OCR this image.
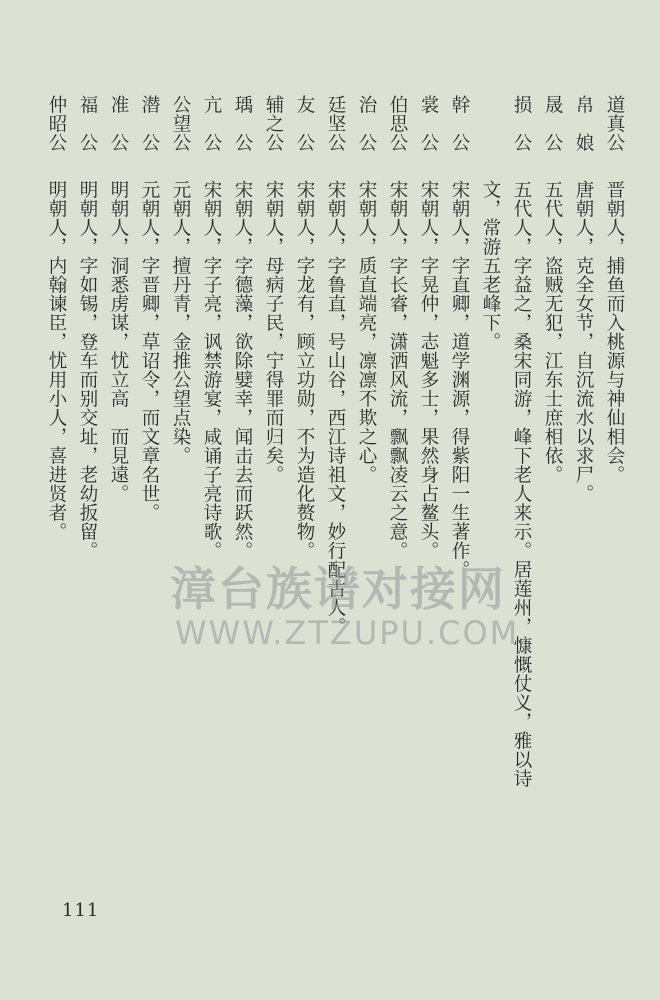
道真公
晋朝人，捕鱼而入桃源与神仙相会。
帛　娘
唐朝人，克全女节，自沉流水以求尸。
晟　公
五代人，盗贼无犯，江东士庶相依。
损　公
五代人，字益之，桑宋同游，峰下老人来示。居莲州，慷慨仗义，雅以诗
文，常游五老峰下。
幹　公
宋朝人，字直卿，道学渊源，得紫阳一生著作。
裳　公
宋朝人，字晃仲，志魁多士，果然身占鳌头。
伯思公
宋朝人，字长睿，潇洒风流，飘飘凌云之意。
治　公
宋朝人，质直端亮，凛凛不欺之心。
廷坚公
宋朝人，字鲁直，号山谷，西江诗祖文，妙行配古人。
友　公
宋朝人，字龙有，顾立功勋，不为造化赘物。
辅之公
宋朝人，母病子民，宁得罪而归矣。
瑀　公
宋朝人，字德藻，欲除嬖幸，闻击去而跃然。
亢　公
宋朝人，字子亮，讽禁游宴，咸诵子亮诗歌。
公望公
元朝人，擅丹青，金推公望点染。
潜　公
元朝人，字晋卿，草诏令，而文章名世。
准　公
明朝人，洞悉虏谋，忧立高　而見遠。
福　公
明朝人，字如锡，登车而别交址，老幼扳留。
仲昭公
明朝人，内翰谏臣，忧用小人，喜进贤者。
漳台族谱对接网
WWW.ZTZUPU.COM
111
